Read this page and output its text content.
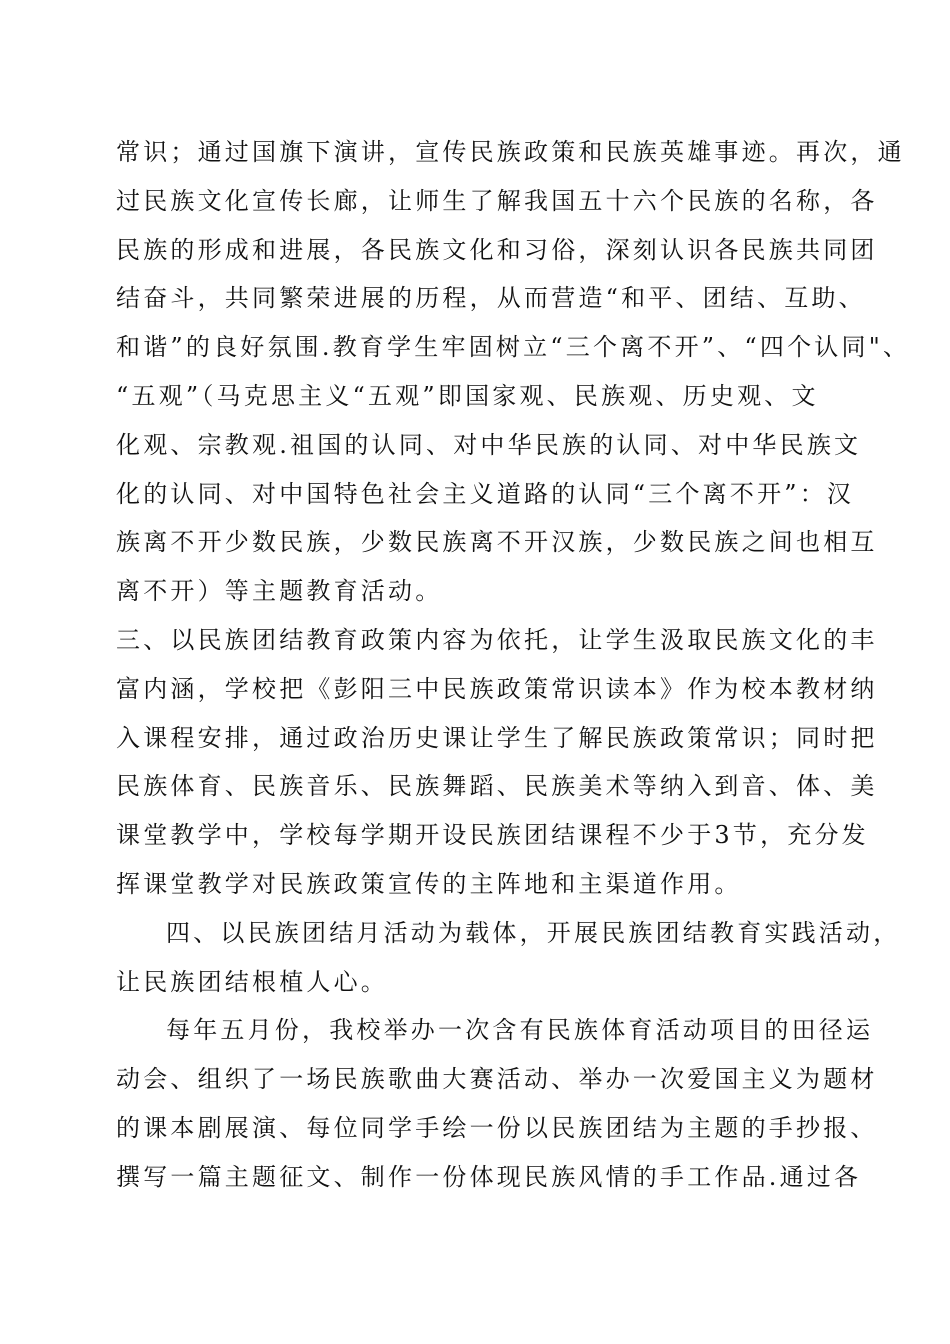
常识；通过国旗下演讲，宣传民族政策和民族英雄事迹。再次，通
过民族文化宣传长廊，让师生了解我国五十六个民族的名称，各
民族的形成和进展，各民族文化和习俗，深刻认识各民族共同团
结奋斗，共同繁荣进展的历程，从而营造“和平、团结、互助、
和谐”的良好氛围.教育学生牢固树立“三个离不开”、“四个认同"、
“五观”（马克思主义“五观”即国家观、民族观、历史观、文
化观、宗教观.祖国的认同、对中华民族的认同、对中华民族文
化的认同、对中国特色社会主义道路的认同“三个离不开”：汉
族离不开少数民族，少数民族离不开汉族，少数民族之间也相互
离不开）等主题教育活动。
三、以民族团结教育政策内容为依托，让学生汲取民族文化的丰
富内涵，学校把《彭阳三中民族政策常识读本》作为校本教材纳
入课程安排，通过政治历史课让学生了解民族政策常识；同时把
民族体育、民族音乐、民族舞蹈、民族美术等纳入到音、体、美
课堂教学中，学校每学期开设民族团结课程不少于3节，充分发
挥课堂教学对民族政策宣传的主阵地和主渠道作用。
四、以民族团结月活动为载体，开展民族团结教育实践活动，
让民族团结根植人心。
每年五月份，我校举办一次含有民族体育活动项目的田径运
动会、组织了一场民族歌曲大赛活动、举办一次爱国主义为题材
的课本剧展演、每位同学手绘一份以民族团结为主题的手抄报、
撰写一篇主题征文、制作一份体现民族风情的手工作品.通过各
